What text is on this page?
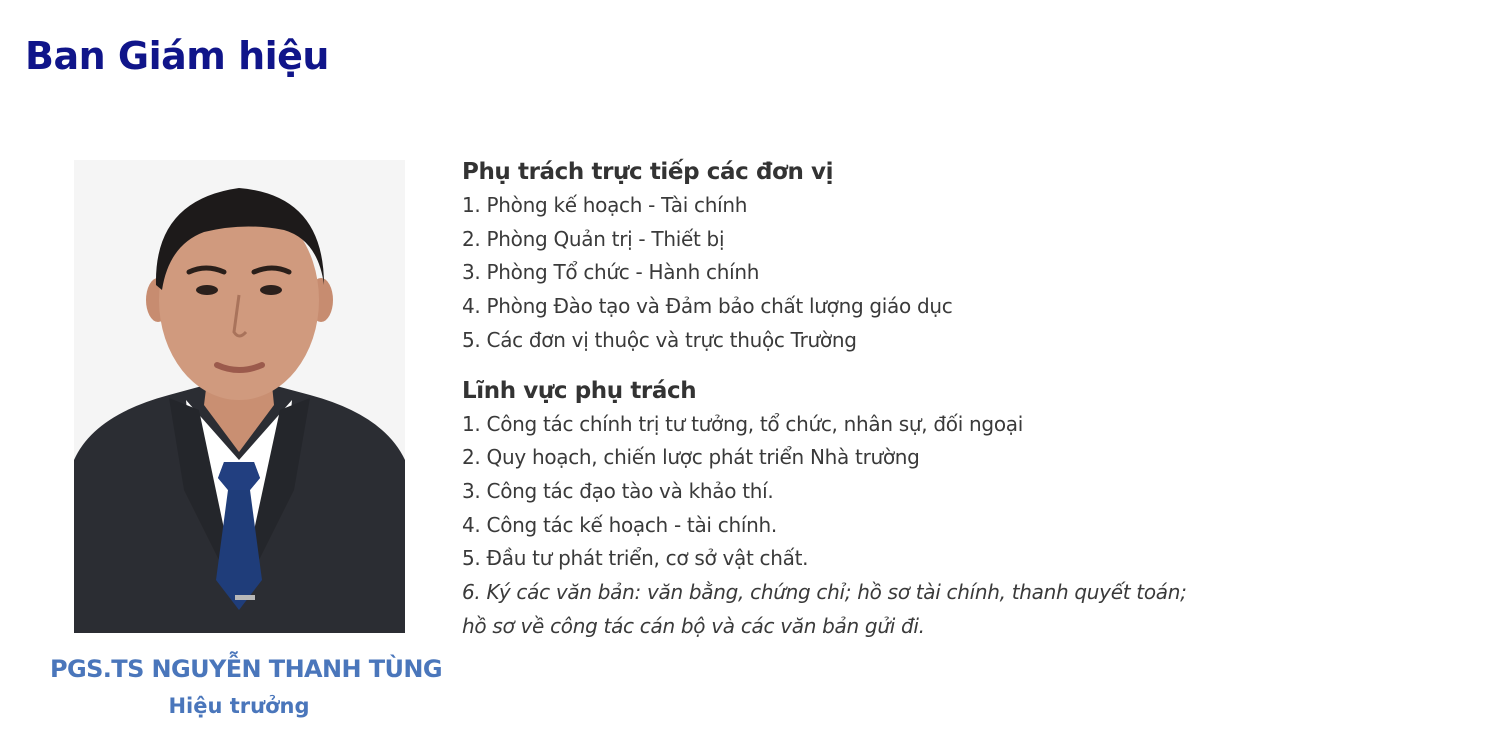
Ban Giám hiệu
PGS.TS NGUYỄN THANH TÙNG
Hiệu trưởng
Phụ trách trực tiếp các đơn vị
1. Phòng kế hoạch - Tài chính
2. Phòng Quản trị - Thiết bị
3. Phòng Tổ chức - Hành chính
4. Phòng Đào tạo và Đảm bảo chất lượng giáo dục
5. Các đơn vị thuộc và trực thuộc Trường
Lĩnh vực phụ trách
1. Công tác chính trị tư tưởng, tổ chức, nhân sự, đối ngoại
2. Quy hoạch, chiến lược phát triển Nhà trường
3. Công tác đạo tào và khảo thí.
4. Công tác kế hoạch - tài chính.
5. Đầu tư phát triển, cơ sở vật chất.
6. Ký các văn bản: văn bằng, chứng chỉ; hồ sơ tài chính, thanh quyết toán;
hồ sơ về công tác cán bộ và các văn bản gửi đi.
